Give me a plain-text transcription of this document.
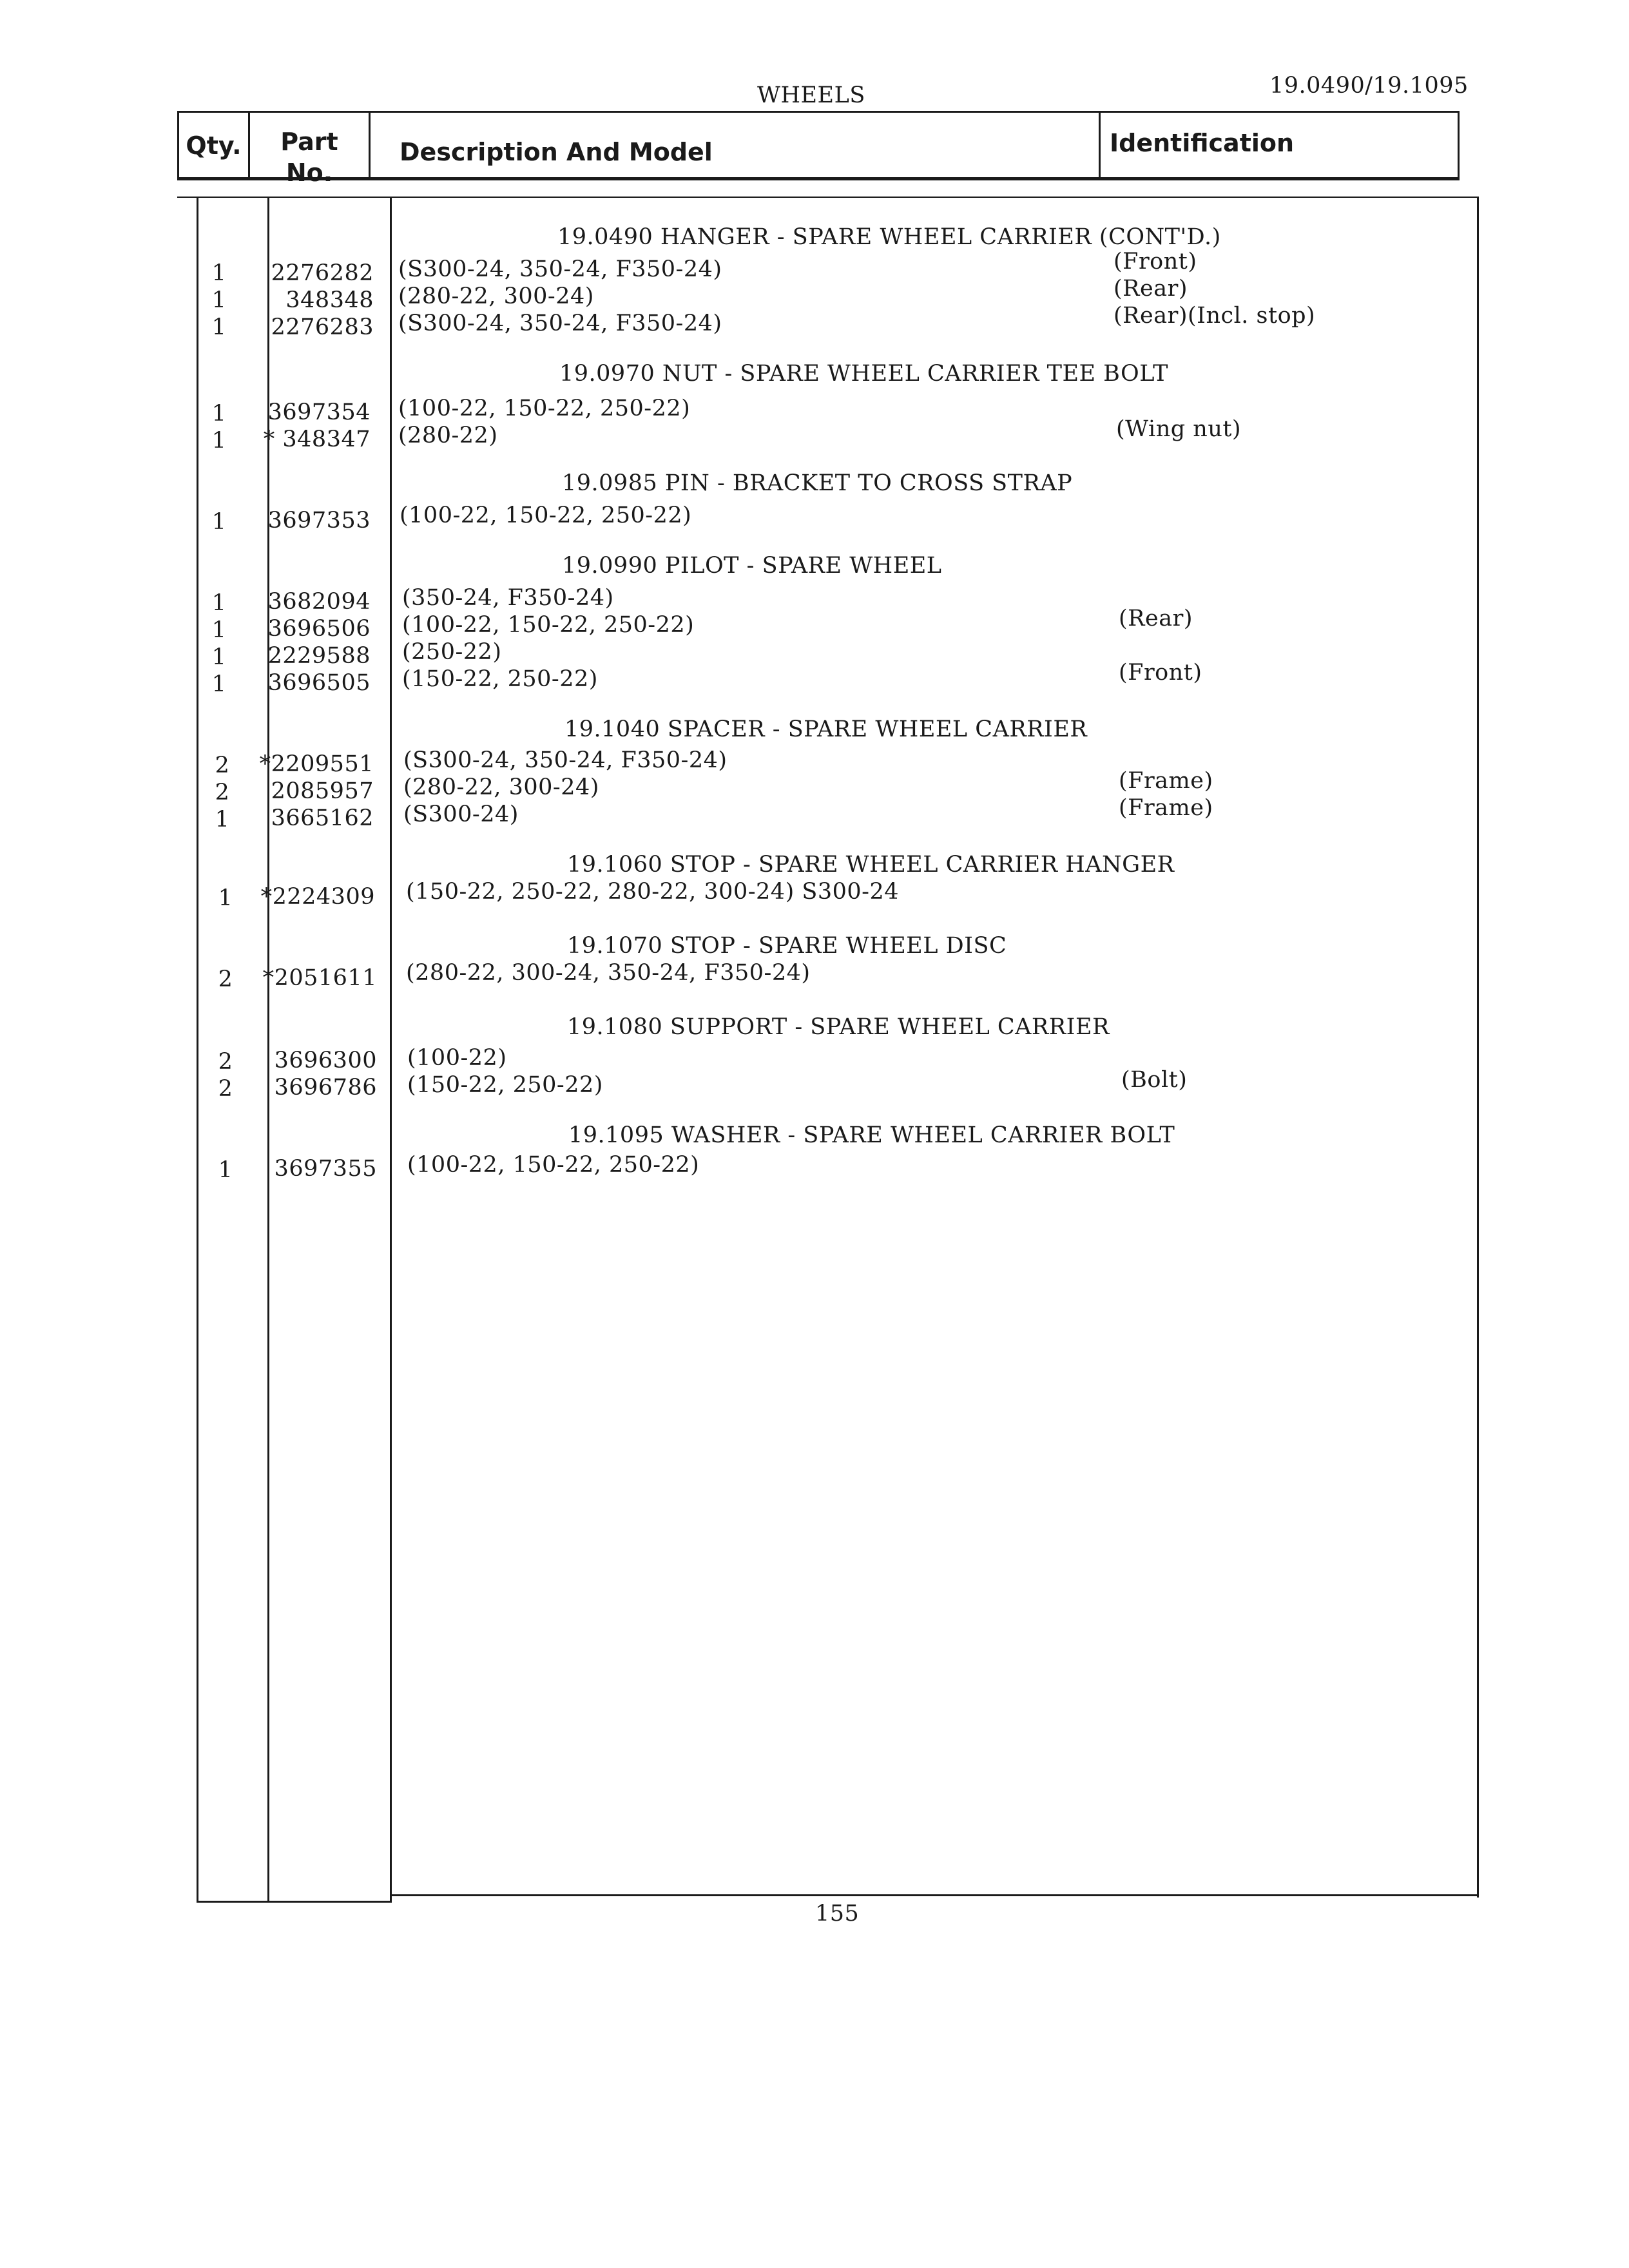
WHEELS	19.0490/19.1095
Qty.	Part
No.
Description And Model	Identification
19.0490 HANGER - SPARE WHEEL CARRIER (CONT'D.)
1	2276282 (S300-24, 350-24, F350-24)	(Front)
1	348348 (280-22, 300-24)	(Rear)
1	2276283 (S300-24, 350-24, F350-24)	(Rear)(Incl. stop)
19.0970 NUT - SPARE WHEEL CARRIER TEE BOLT
1	3697354 (100-22, 150-22, 250-22)
1	* 348347 (280-22)	(Wing nut)
19.0985 PIN - BRACKET TO CROSS STRAP
1	3697353 (100-22, 150-22, 250-22)
19.0990 PILOT - SPARE WHEEL
1	3682094 (350-24, F350-24)
1	3696506 (100-22, 150-22, 250-22)	(Rear)
1	2229588 (250-22)
1	3696505 (150-22, 250-22)	(Front)
19.1040 SPACER - SPARE WHEEL CARRIER
2	*2209551 (S300-24, 350-24, F350-24)
2	2085957 (280-22, 300-24)	(Frame)
1	3665162 (S300-24)	(Frame)
19.1060 STOP - SPARE WHEEL CARRIER HANGER
1	*2224309 (150-22, 250-22, 280-22, 300-24) S300-24
19.1070 STOP - SPARE WHEEL DISC
2	*2051611 (280-22, 300-24, 350-24, F350-24)
19.1080 SUPPORT - SPARE WHEEL CARRIER
2	3696300 (100-22)
2	3696786 (150-22, 250-22)	(Bolt)
19.1095 WASHER - SPARE WHEEL CARRIER BOLT
1	3697355 (100-22, 150-22, 250-22)
155
